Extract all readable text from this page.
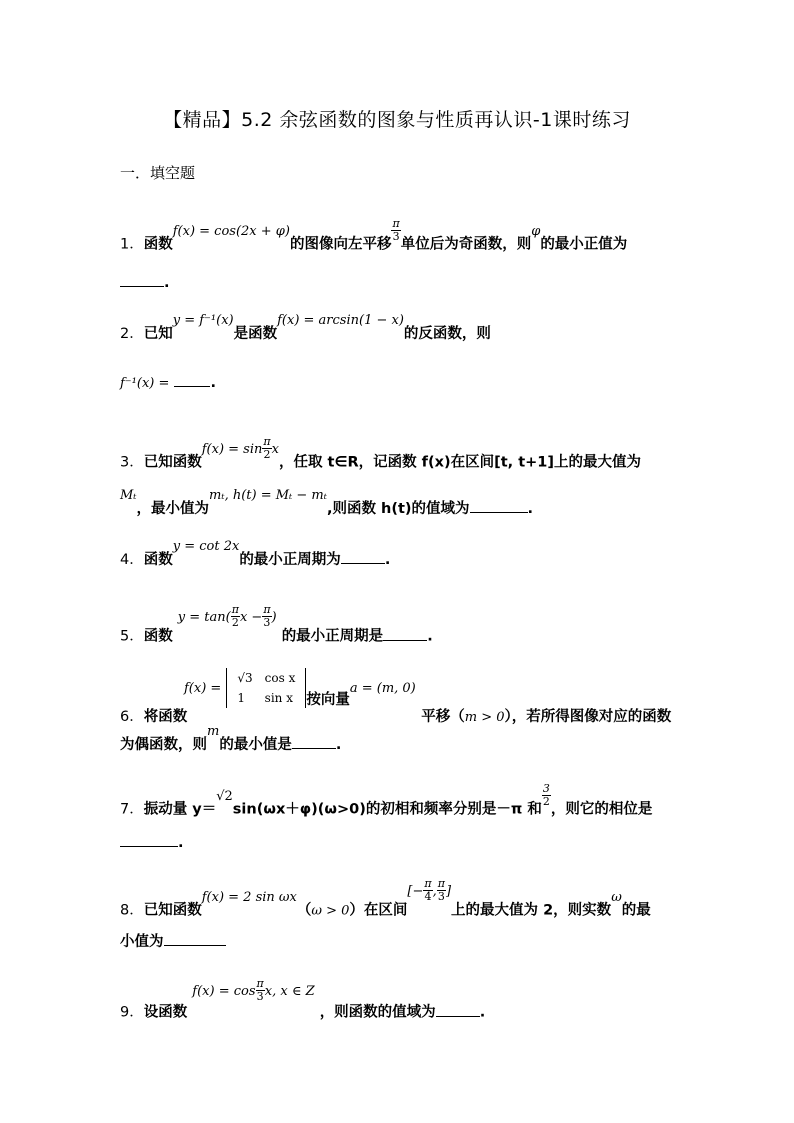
【精品】5.2 余弦函数的图象与性质再认识-1课时练习
一．填空题
1．函数f(x) = cos(2x + φ)的图像向左平移
$\frac{\pi}{3}$
单位后为奇函数，则φ的最小正值为
.
2．已知y = f⁻¹(x)是函数f(x) = arcsin(1 − x)的反函数，则
f⁻¹(x) =	.
3．已知函数$f(x) = \sin \frac{\pi}{2}$ x，任取 t∈R，记函数 f(x)在区间[t, t+1]上的最大值为
Mₜ，最小值为mₜ, h(t) = Mₜ − mₜ,则函数 h(t)的值域为	.
4．函数y = cot 2x的最小正周期为	.
5．函数 $y = \tan( \frac{\pi}{2}$ $x - \frac{\pi}{3}$ ) 的最小正周期是	.
f(x) =
√3	cos x
1	sin x 按向量a = (m, 0)
6．将函数	平移（m > 0），若所得图像对应的函数
为偶函数，则m的最小值是	.
7．振动量 y＝√2sin(ωx＋φ)(ω>0)的初相和频率分别是－π 和
$\frac{3}{2}$
，则它的相位是
.
8．已知函数f(x) = 2 sin ωx（ω > 0）在区间[− $\frac{\pi}{4}$ , $\frac{\pi}{3}$ ]上的最大值为 2，则实数ω的最
小值为
9．设函数 $f(x) = \cos \frac{\pi}{3} x$, x ∈ Z ，则函数的值域为	.
